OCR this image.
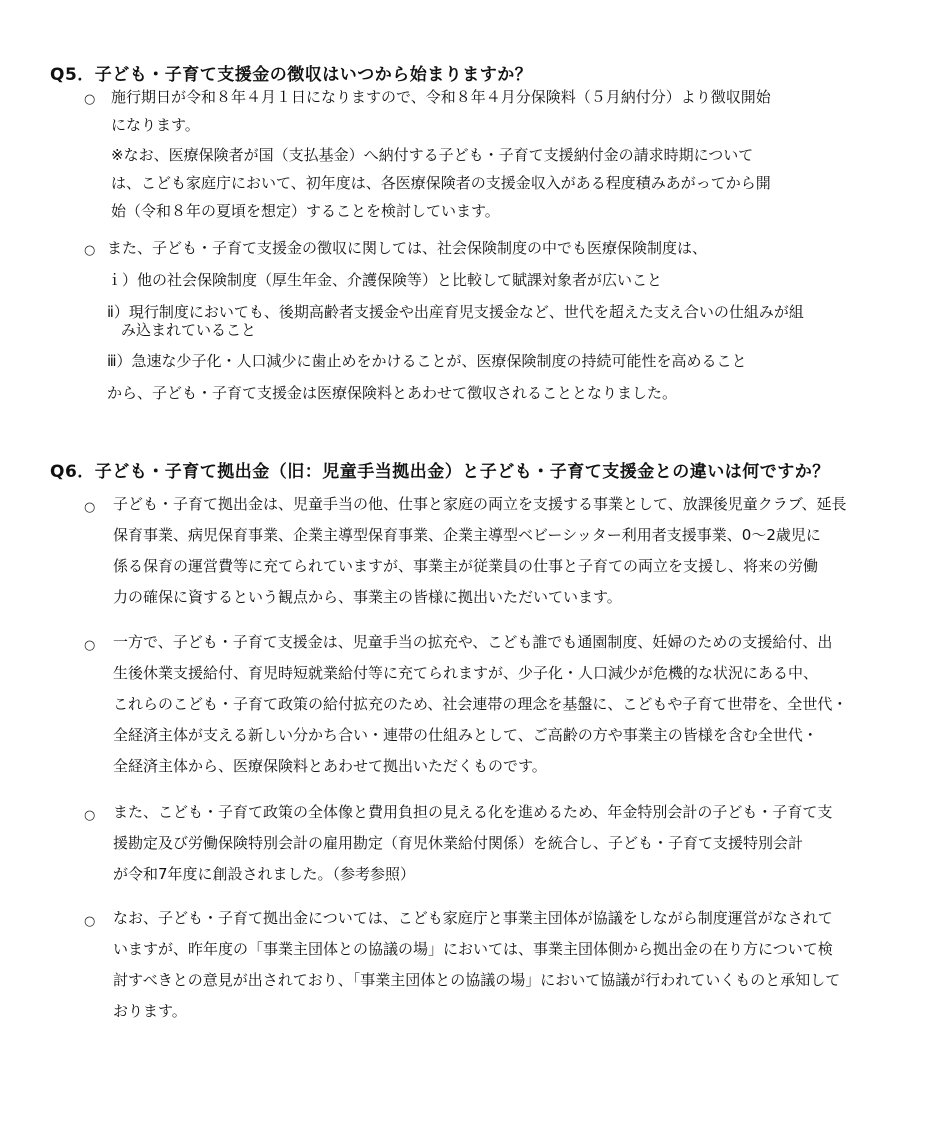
Q5．子ども・子育て支援金の徴収はいつから始まりますか？
○ 施行期日が令和８年４月１日になりますので、令和８年４月分保険料（５月納付分）より徴収開始
になります。
※なお、医療保険者が国（支払基金）へ納付する子ども・子育て支援納付金の請求時期について
は、こども家庭庁において、初年度は、各医療保険者の支援金収入がある程度積みあがってから開
始（令和８年の夏頃を想定）することを検討しています。
○ また、子ども・子育て支援金の徴収に関しては、社会保険制度の中でも医療保険制度は、
ｉ）他の社会保険制度（厚生年金、介護保険等）と比較して賦課対象者が広いこと
ⅱ）現行制度においても、後期高齢者支援金や出産育児支援金など、世代を超えた支え合いの仕組みが組
み込まれていること
ⅲ）急速な少子化・人口減少に歯止めをかけることが、医療保険制度の持続可能性を高めること
から、子ども・子育て支援金は医療保険料とあわせて徴収されることとなりました。
Q6．子ども・子育て拠出金（旧：児童手当拠出金）と子ども・子育て支援金との違いは何ですか？
○ 子ども・子育て拠出金は、児童手当の他、仕事と家庭の両立を支援する事業として、放課後児童クラブ、延長
保育事業、病児保育事業、企業主導型保育事業、企業主導型ベビーシッター利用者支援事業、0～2歳児に
係る保育の運営費等に充てられていますが、事業主が従業員の仕事と子育ての両立を支援し、将来の労働
力の確保に資するという観点から、事業主の皆様に拠出いただいています。
○ 一方で、子ども・子育て支援金は、児童手当の拡充や、こども誰でも通園制度、妊婦のための支援給付、出
生後休業支援給付、育児時短就業給付等に充てられますが、少子化・人口減少が危機的な状況にある中、
これらのこども・子育て政策の給付拡充のため、社会連帯の理念を基盤に、こどもや子育て世帯を、全世代・
全経済主体が支える新しい分かち合い・連帯の仕組みとして、ご高齢の方や事業主の皆様を含む全世代・
全経済主体から、医療保険料とあわせて拠出いただくものです。
○ また、こども・子育て政策の全体像と費用負担の見える化を進めるため、年金特別会計の子ども・子育て支
援勘定及び労働保険特別会計の雇用勘定（育児休業給付関係）を統合し、子ども・子育て支援特別会計
が令和7年度に創設されました。（参考参照）
○ なお、子ども・子育て拠出金については、こども家庭庁と事業主団体が協議をしながら制度運営がなされて
いますが、昨年度の「事業主団体との協議の場」においては、事業主団体側から拠出金の在り方について検
討すべきとの意見が出されており、「事業主団体との協議の場」において協議が行われていくものと承知して
おります。
